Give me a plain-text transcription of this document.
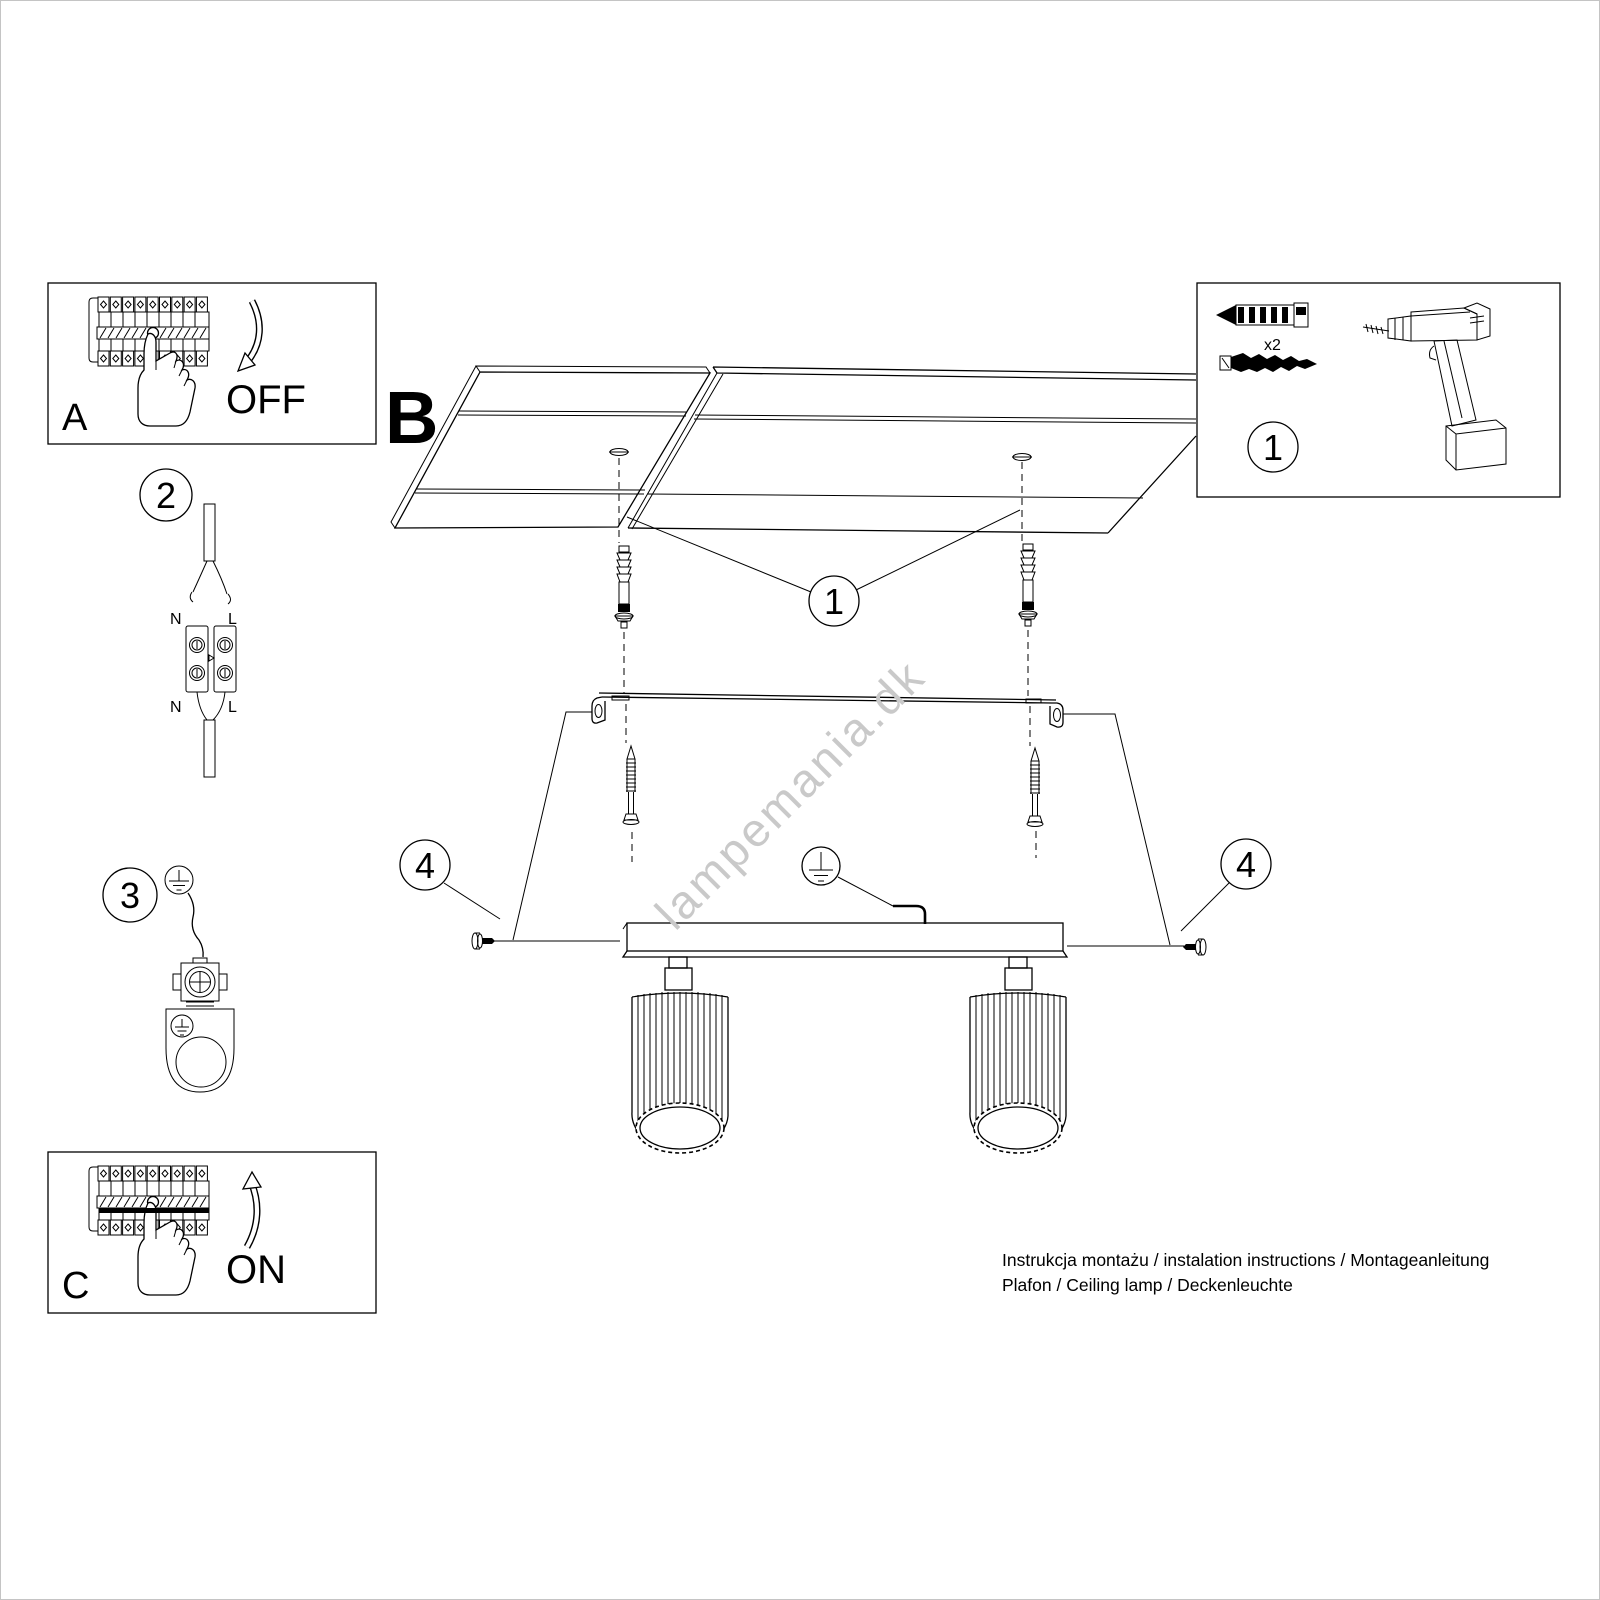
A	OFF
2
N	L
N	L
3
C	ON
B
1
4	4
x2
1
lampemania.dk
Instrukcja montażu / instalation instructions / Montageanleitung
Plafon / Ceiling lamp / Deckenleuchte
